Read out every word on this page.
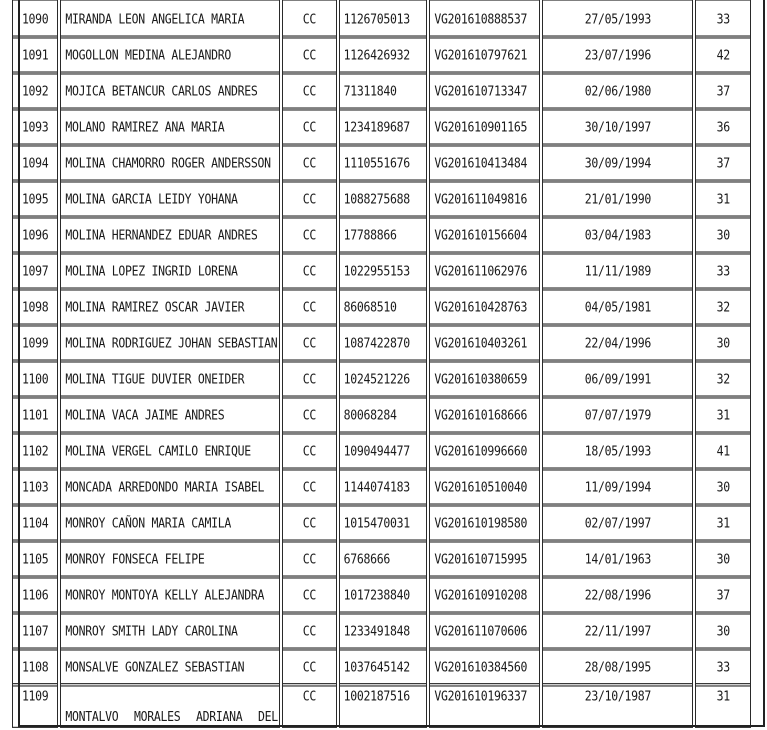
1090	MIRANDA LEON ANGELICA MARIA	CC	1126705013	VG201610888537	27/05/1993	33
1091	MOGOLLON MEDINA ALEJANDRO	CC	1126426932	VG201610797621	23/07/1996	42
1092	MOJICA BETANCUR CARLOS ANDRES	CC	71311840	VG201610713347	02/06/1980	37
1093	MOLANO RAMIREZ ANA MARIA	CC	1234189687	VG201610901165	30/10/1997	36
1094	MOLINA CHAMORRO ROGER ANDERSSON	CC	1110551676	VG201610413484	30/09/1994	37
1095	MOLINA GARCIA LEIDY YOHANA	CC	1088275688	VG201611049816	21/01/1990	31
1096	MOLINA HERNANDEZ EDUAR ANDRES	CC	17788866	VG201610156604	03/04/1983	30
1097	MOLINA LOPEZ INGRID LORENA	CC	1022955153	VG201611062976	11/11/1989	33
1098	MOLINA RAMIREZ OSCAR JAVIER	CC	86068510	VG201610428763	04/05/1981	32
1099	MOLINA RODRIGUEZ JOHAN SEBASTIAN	CC	1087422870	VG201610403261	22/04/1996	30
1100	MOLINA TIGUE DUVIER ONEIDER	CC	1024521226	VG201610380659	06/09/1991	32
1101	MOLINA VACA JAIME ANDRES	CC	80068284	VG201610168666	07/07/1979	31
1102	MOLINA VERGEL CAMILO ENRIQUE	CC	1090494477	VG201610996660	18/05/1993	41
1103	MONCADA ARREDONDO MARIA ISABEL	CC	1144074183	VG201610510040	11/09/1994	30
1104	MONROY CAÑON MARIA CAMILA	CC	1015470031	VG201610198580	02/07/1997	31
1105	MONROY FONSECA FELIPE	CC	6768666	VG201610715995	14/01/1963	30
1106	MONROY MONTOYA KELLY ALEJANDRA	CC	1017238840	VG201610910208	22/08/1996	37
1107	MONROY SMITH LADY CAROLINA	CC	1233491848	VG201611070606	22/11/1997	30
1108	MONSALVE GONZALEZ SEBASTIAN	CC	1037645142	VG201610384560	28/08/1995	33
1109	MONTALVO MORALES ADRIANA DEL	CC	1002187516	VG201610196337	23/10/1987	31
